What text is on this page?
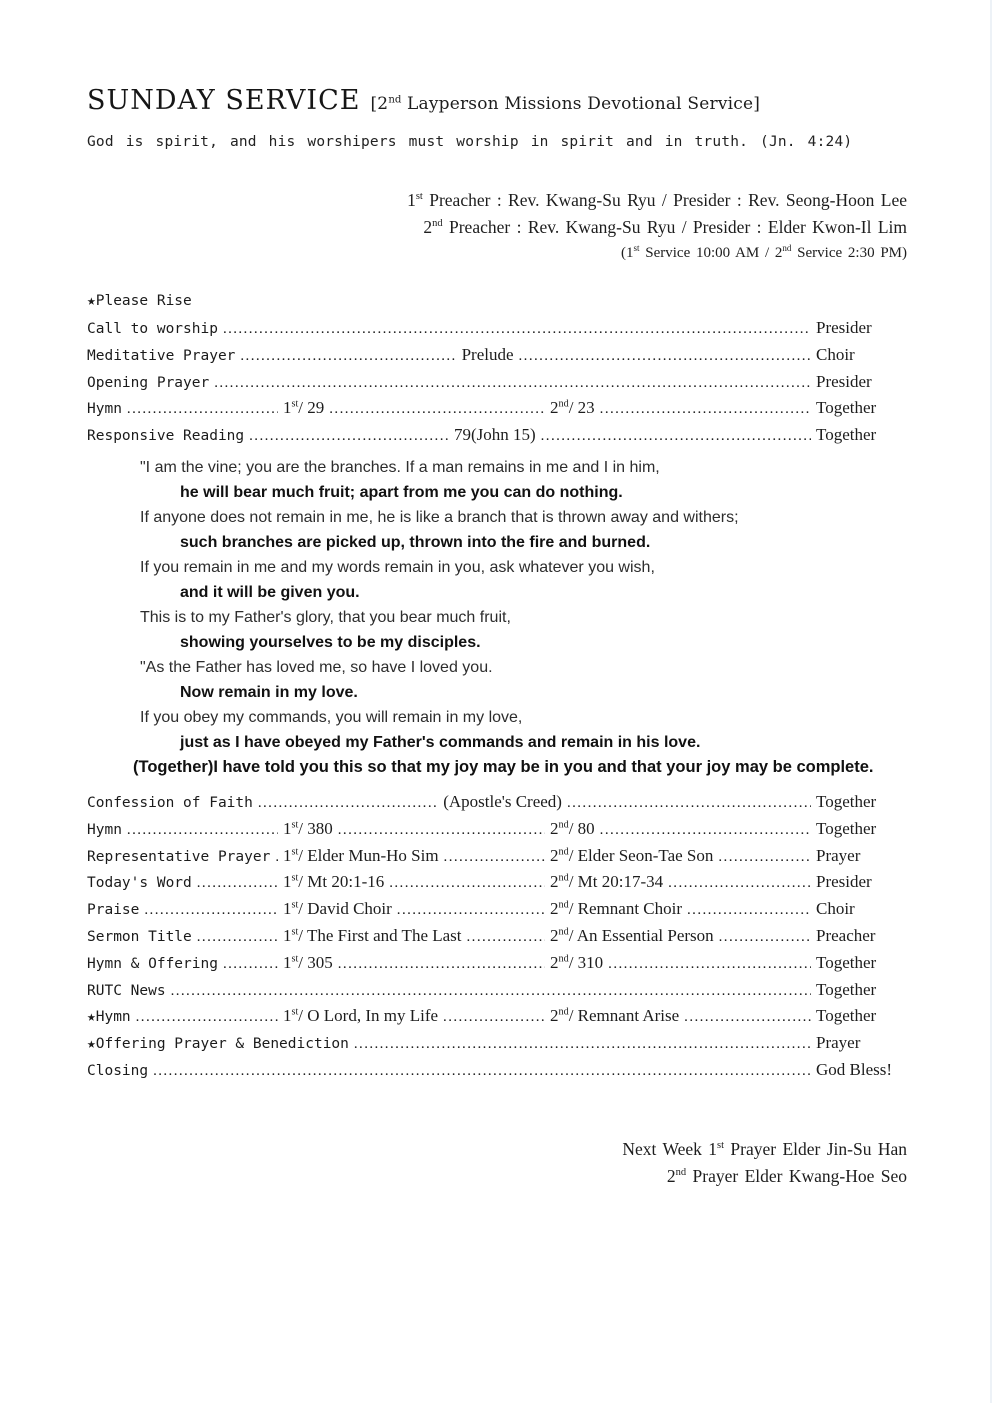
SUNDAY SERVICE [2nd Layperson Missions Devotional Service]
God is spirit, and his worshipers must worship in spirit and in truth. (Jn. 4:24)
1st Preacher : Rev. Kwang-Su Ryu / Presider : Rev. Seong-Hoon Lee
2nd Preacher : Rev. Kwang-Su Ryu / Presider : Elder Kwon-Il Lim
(1st Service 10:00 AM / 2nd Service 2:30 PM)
★Please Rise
Call to worship .....	Presider
Meditative Prayer .....	Prelude .....	Choir
Opening Prayer .....	Presider
Hymn .....	1st/ 29 .....	2nd/ 23 .....	Together
Responsive Reading .....	79(John 15) .....	Together
"I am the vine; you are the branches. If a man remains in me and I in him,
he will bear much fruit; apart from me you can do nothing.
If anyone does not remain in me, he is like a branch that is thrown away and withers;
such branches are picked up, thrown into the fire and burned.
If you remain in me and my words remain in you, ask whatever you wish,
and it will be given you.
This is to my Father's glory, that you bear much fruit,
showing yourselves to be my disciples.
"As the Father has loved me, so have I loved you.
Now remain in my love.
If you obey my commands, you will remain in my love,
just as I have obeyed my Father's commands and remain in his love.
(Together)I have told you this so that my joy may be in you and that your joy may be complete.
Confession of Faith .....	(Apostle's Creed) .....	Together
Hymn .....	1st/ 380 .....	2nd/ 80 .....	Together
Representative Prayer ..... 1st/ Elder Mun-Ho Sim .....	2nd/ Elder Seon-Tae Son .....	Prayer
Today's Word .....	1st/ Mt 20:1-16 .....	2nd/ Mt 20:17-34 .....	Presider
Praise .....	1st/ David Choir .....	2nd/ Remnant Choir .....	Choir
Sermon Title .....	1st/ The First and The Last .....	2nd/ An Essential Person .....	Preacher
Hymn & Offering .....	1st/ 305 .....	2nd/ 310 .....	Together
RUTC News .....	Together
★Hymn .....	1st/ O Lord, In my Life .....	2nd/ Remnant Arise .....	Together
★Offering Prayer & Benediction .....	Prayer
Closing .....	God Bless!
Next Week 1st Prayer Elder Jin-Su Han
2nd Prayer Elder Kwang-Hoe Seo
